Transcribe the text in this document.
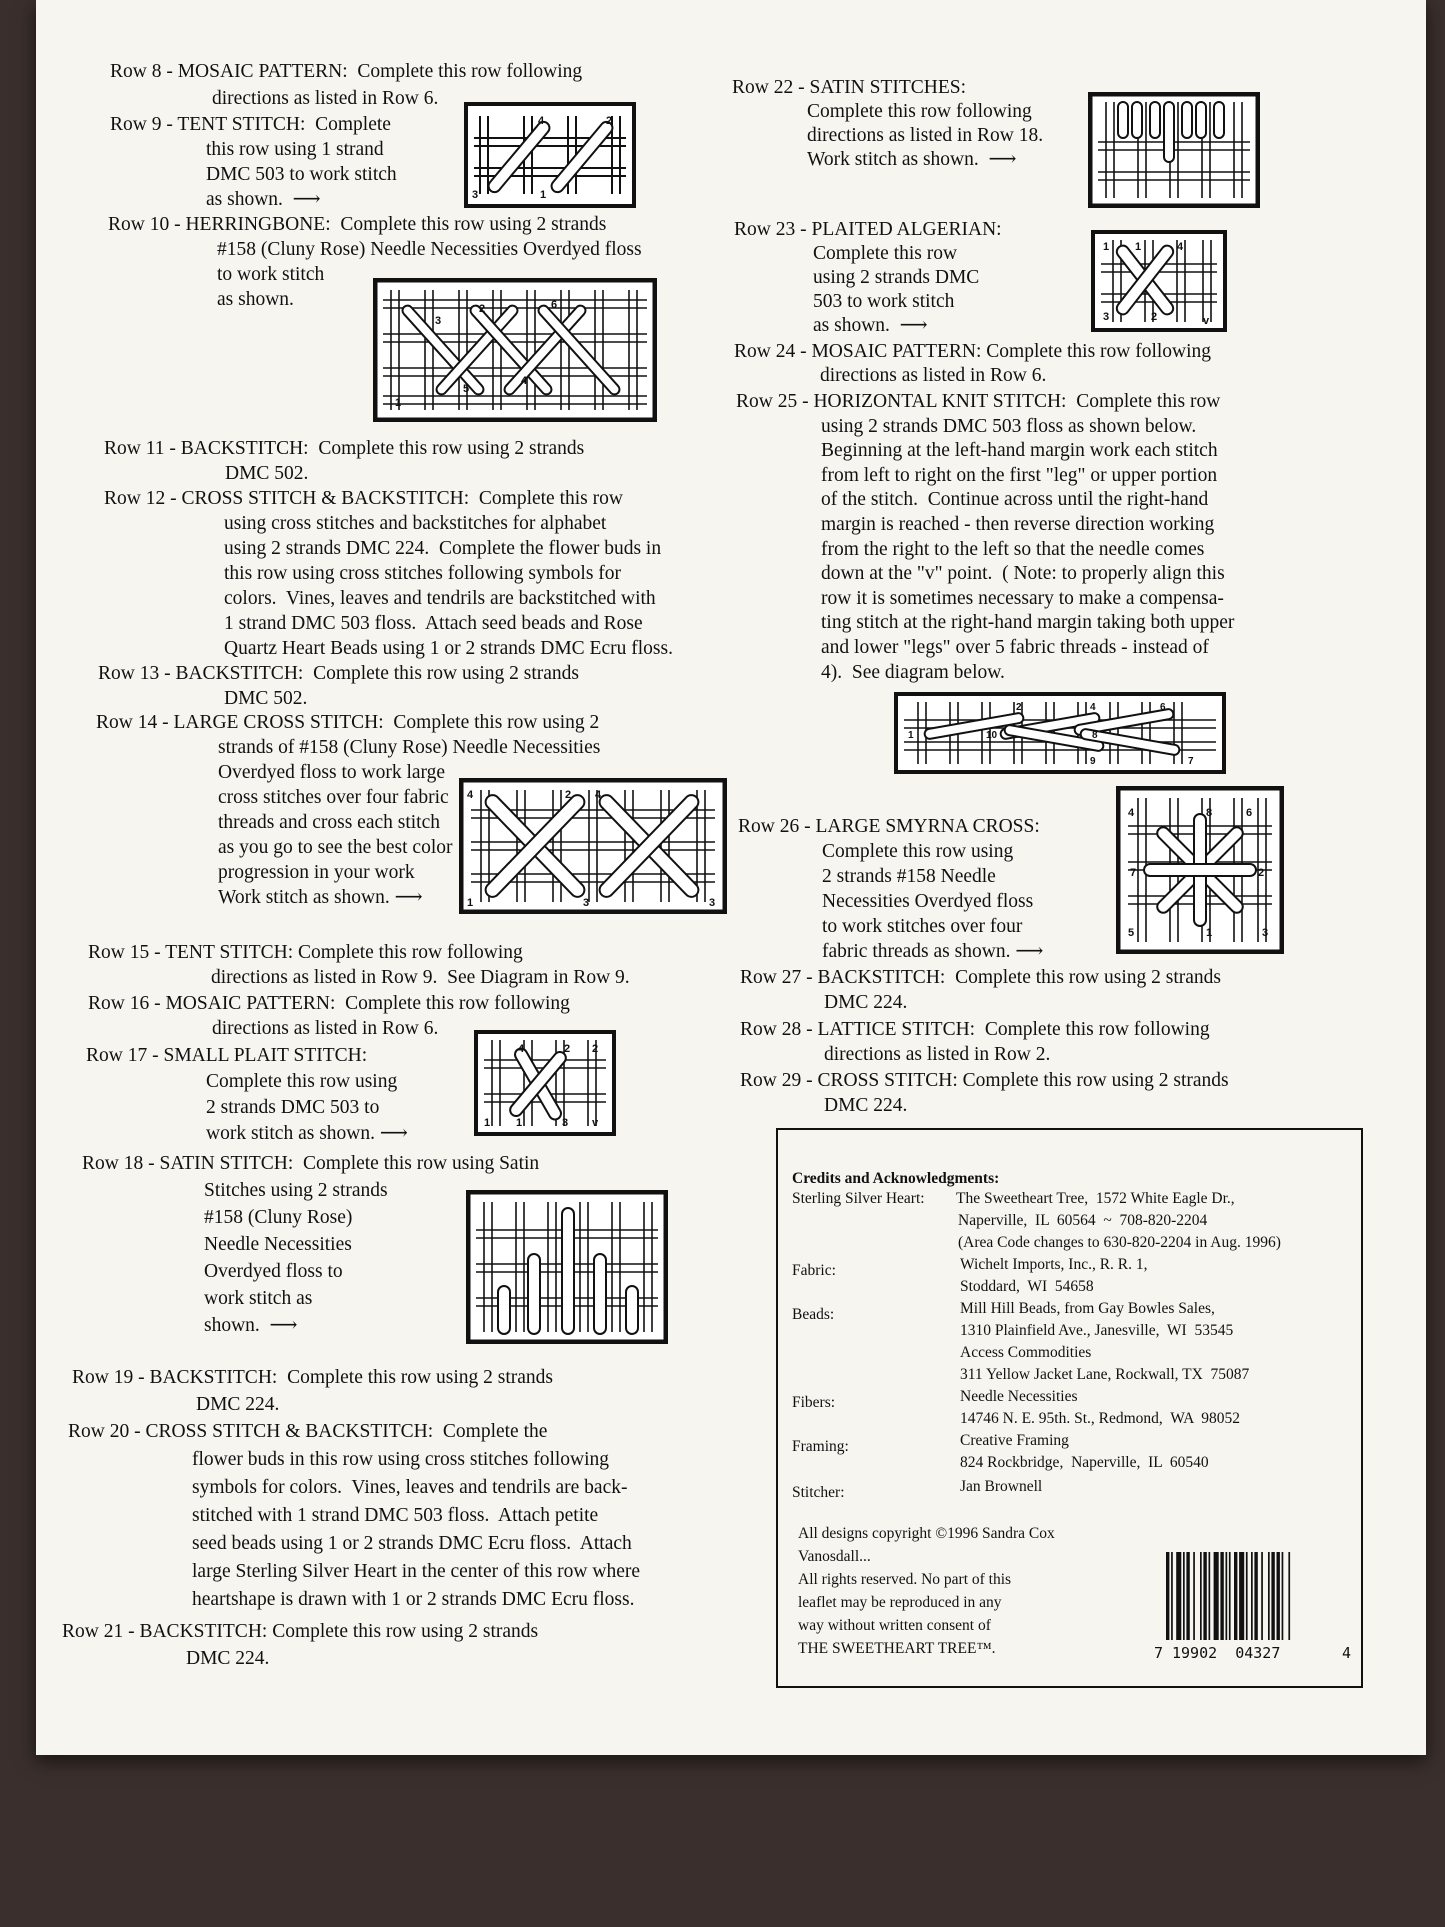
Row 8 - MOSAIC PATTERN:  Complete this row following
directions as listed in Row 6.
Row 9 - TENT STITCH:  Complete
this row using 1 strand
DMC 503 to work stitch
as shown.  ⟶
Row 10 - HERRINGBONE:  Complete this row using 2 strands
#158 (Cluny Rose) Needle Necessities Overdyed floss
to work stitch
as shown.
Row 11 - BACKSTITCH:  Complete this row using 2 strands
DMC 502.
Row 12 - CROSS STITCH & BACKSTITCH:  Complete this row
using cross stitches and backstitches for alphabet
using 2 strands DMC 224.  Complete the flower buds in
this row using cross stitches following symbols for
colors.  Vines, leaves and tendrils are backstitched with
1 strand DMC 503 floss.  Attach seed beads and Rose
Quartz Heart Beads using 1 or 2 strands DMC Ecru floss.
Row 13 - BACKSTITCH:  Complete this row using 2 strands
DMC 502.
Row 14 - LARGE CROSS STITCH:  Complete this row using 2
strands of #158 (Cluny Rose) Needle Necessities
Overdyed floss to work large
cross stitches over four fabric
threads and cross each stitch
as you go to see the best color
progression in your work
Work stitch as shown. ⟶
Row 15 - TENT STITCH: Complete this row following
directions as listed in Row 9.  See Diagram in Row 9.
Row 16 - MOSAIC PATTERN:  Complete this row following
directions as listed in Row 6.
Row 17 - SMALL PLAIT STITCH:
Complete this row using
2 strands DMC 503 to
work stitch as shown. ⟶
Row 18 - SATIN STITCH:  Complete this row using Satin
Stitches using 2 strands
#158 (Cluny Rose)
Needle Necessities
Overdyed floss to
work stitch as
shown.  ⟶
Row 19 - BACKSTITCH:  Complete this row using 2 strands
DMC 224.
Row 20 - CROSS STITCH & BACKSTITCH:  Complete the
flower buds in this row using cross stitches following
symbols for colors.  Vines, leaves and tendrils are back-
stitched with 1 strand DMC 503 floss.  Attach petite
seed beads using 1 or 2 strands DMC Ecru floss.  Attach
large Sterling Silver Heart in the center of this row where
heartshape is drawn with 1 or 2 strands DMC Ecru floss.
Row 21 - BACKSTITCH: Complete this row using 2 strands
DMC 224.
Row 22 - SATIN STITCHES:
Complete this row following
directions as listed in Row 18.
Work stitch as shown.  ⟶
Row 23 - PLAITED ALGERIAN:
Complete this row
using 2 strands DMC
503 to work stitch
as shown.  ⟶
Row 24 - MOSAIC PATTERN: Complete this row following
directions as listed in Row 6.
Row 25 - HORIZONTAL KNIT STITCH:  Complete this row
using 2 strands DMC 503 floss as shown below.
Beginning at the left-hand margin work each stitch
from left to right on the first "leg" or upper portion
of the stitch.  Continue across until the right-hand
margin is reached - then reverse direction working
from the right to the left so that the needle comes
down at the "v" point.  ( Note: to properly align this
row it is sometimes necessary to make a compensa-
ting stitch at the right-hand margin taking both upper
and lower "legs" over 5 fabric threads - instead of
4).  See diagram below.
Row 26 - LARGE SMYRNA CROSS:
Complete this row using
2 strands #158 Needle
Necessities Overdyed floss
to work stitches over four
fabric threads as shown. ⟶
Row 27 - BACKSTITCH:  Complete this row using 2 strands
DMC 224.
Row 28 - LATTICE STITCH:  Complete this row following
directions as listed in Row 2.
Row 29 - CROSS STITCH: Complete this row using 2 strands
DMC 224.
4	2
3	1
2	6
4
1
5
3
4	2 4
1	3	3
4	2 2
1 1	3 v
1 1	4
3	2	v
2	4	6
1	10	8
9	7
4	8	6
7	2
5	1	3
Credits and Acknowledgments:
Sterling Silver Heart: The Sweetheart Tree,  1572 White Eagle Dr.,
Naperville,  IL  60564  ~  708-820-2204
(Area Code changes to 630-820-2204 in Aug. 1996)
Fabric:	Wichelt Imports, Inc., R. R. 1,
Stoddard,  WI  54658
Beads:	Mill Hill Beads, from Gay Bowles Sales,
1310 Plainfield Ave., Janesville,  WI  53545
Access Commodities
311 Yellow Jacket Lane, Rockwall, TX  75087
Fibers:	Needle Necessities
14746 N. E. 95th. St., Redmond,  WA  98052
Framing:	Creative Framing
824 Rockbridge,  Naperville,  IL  60540
Stitcher:	Jan Brownell
All designs copyright ©1996 Sandra Cox Vanosdall...
All rights reserved. No part of this
leaflet may be reproduced in any
way without written consent of
THE SWEETHEART TREE™.

	7

19902  04327

	4
